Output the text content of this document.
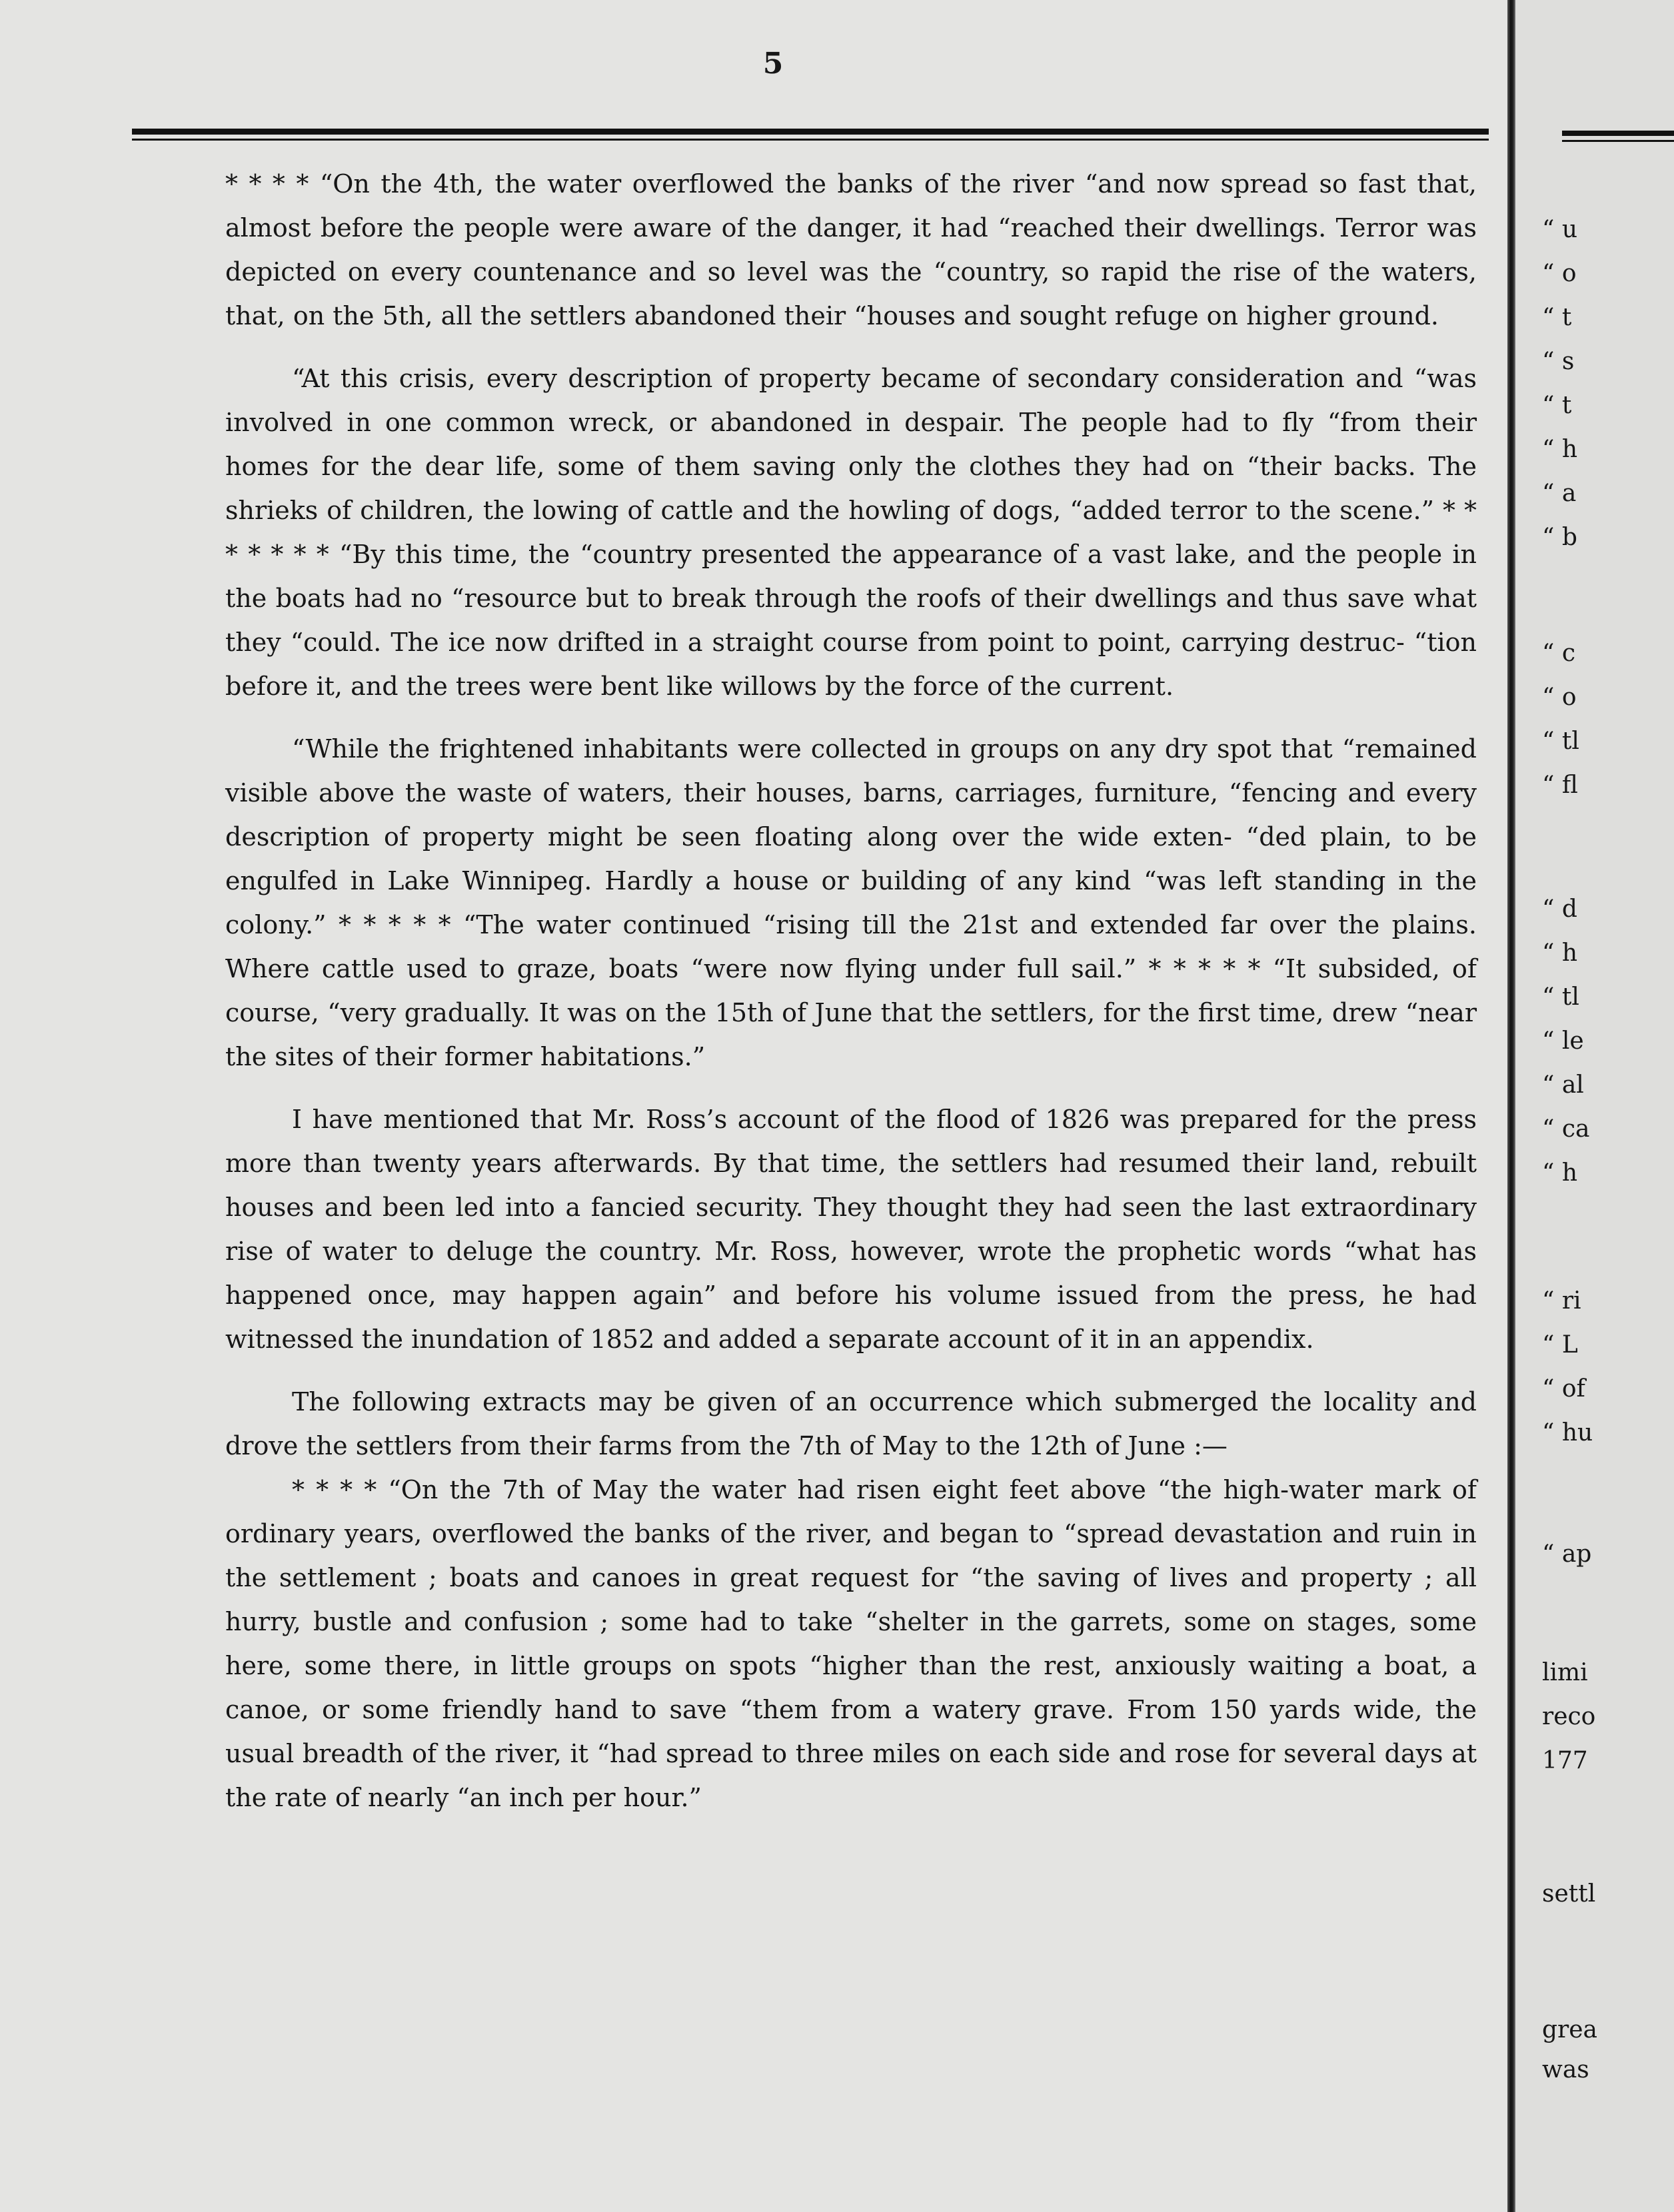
5

* * * * “On the 4th, the water overflowed the banks of the river “and now spread so fast that, almost before the people were aware of the danger, it had “reached their dwellings. Terror was depicted on every countenance and so level was the “country, so rapid the rise of the waters, that, on the 5th, all the settlers abandoned their “houses and sought refuge on higher ground.

“At this crisis, every description of property became of secondary consideration and “was involved in one common wreck, or abandoned in despair. The people had to fly “from their homes for the dear life, some of them saving only the clothes they had on “their backs. The shrieks of children, the lowing of cattle and the howling of dogs, “added terror to the scene.” * * * * * * * “By this time, the “country presented the appearance of a vast lake, and the people in the boats had no “resource but to break through the roofs of their dwellings and thus save what they “could. The ice now drifted in a straight course from point to point, carrying destruc- “tion before it, and the trees were bent like willows by the force of the current.

“While the frightened inhabitants were collected in groups on any dry spot that “remained visible above the waste of waters, their houses, barns, carriages, furniture, “fencing and every description of property might be seen floating along over the wide exten- “ded plain, to be engulfed in Lake Winnipeg. Hardly a house or building of any kind “was left standing in the colony.” * * * * * “The water continued “rising till the 21st and extended far over the plains. Where cattle used to graze, boats “were now flying under full sail.” * * * * * “It subsided, of course, “very gradually. It was on the 15th of June that the settlers, for the first time, drew “near the sites of their former habitations.”

I have mentioned that Mr. Ross’s account of the flood of 1826 was prepared for the press more than twenty years afterwards. By that time, the settlers had resumed their land, rebuilt houses and been led into a fancied security. They thought they had seen the last extraordinary rise of water to deluge the country. Mr. Ross, however, wrote the prophetic words “what has happened once, may happen again” and before his volume issued from the press, he had witnessed the inundation of 1852 and added a separate account of it in an appendix.

The following extracts may be given of an occurrence which submerged the locality and drove the settlers from their farms from the 7th of May to the 12th of June :—

* * * * “On the 7th of May the water had risen eight feet above “the high-water mark of ordinary years, overflowed the banks of the river, and began to “spread devastation and ruin in the settlement ; boats and canoes in great request for “the saving of lives and property ; all hurry, bustle and confusion ; some had to take “shelter in the garrets, some on stages, some here, some there, in little groups on spots “higher than the rest, anxiously waiting a boat, a canoe, or some friendly hand to save “them from a watery grave. From 150 yards wide, the usual breadth of the river, it “had spread to three miles on each side and rose for several days at the rate of nearly “an inch per hour.”

“ u
“ o
“ t
“ s
“ t
“ h
“ a
“ b
“ c
“ o
“ tl
“ fl
“ d
“ h
“ tl
“ le
“ al
“ ca
“ h
“ ri
“ L
“ of
“ hu
“ ap
limi
reco
177
settl
grea
was
